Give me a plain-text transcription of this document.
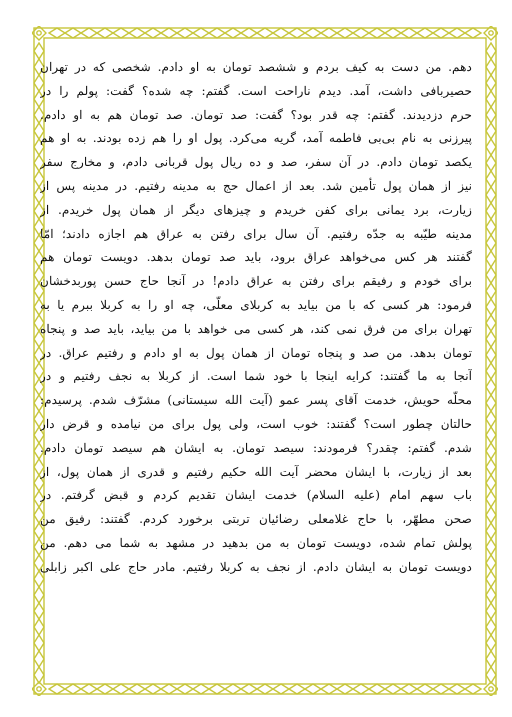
دهم. من دست به کیف بردم و ششصد تومان به او دادم. شخصی که در تهران
حصیربافی داشت، آمد. دیدم ناراحت است. گفتم: چه شده؟ گفت: پولم را در
حرم دزدیدند. گفتم: چه قدر بود؟ گفت: صد تومان. صد تومان هم به او دادم.
پیرزنی به نام بی‌بی فاطمه آمد، گریه می‌کرد. پول او را هم زده بودند. به او هم
یکصد تومان دادم. در آن سفر، صد و ده ریال پول قربانی دادم، و مخارج سفر
نیز از همان پول تأمین شد. بعد از اعمال حج به مدینه رفتیم. در مدینه پس از
زیارت، برد یمانی برای کفن خریدم و چیزهای دیگر از همان پول خریدم. از
مدینه طیّبه به جدّه رفتیم. آن سال برای رفتن به عراق هم اجازه دادند؛ امّا
گفتند هر کس می‌خواهد عراق برود، باید صد تومان بدهد. دویست تومان هم
برای خودم و رفیقم برای رفتن به عراق دادم! در آنجا حاج حسن پوربدخشان
فرمود: هر کسی که با من بیاید به کربلای معلّی، چه او را به کربلا ببرم یا به
تهران برای من فرق نمی کند، هر کسی می خواهد با من بیاید، باید صد و پنجاه
تومان بدهد. من صد و پنجاه تومان از همان پول به او دادم و رفتیم عراق. در
آنجا به ما گفتند: کرایه اینجا با خود شما است. از کربلا به نجف رفتیم و در
محلّه حویش، خدمت آقای پسر عمو (آیت الله سیستانی) مشرّف شدم. پرسیدم:
حالتان چطور است؟ گفتند: خوب است، ولی پول برای من نیامده و قرض دار
شدم. گفتم: چقدر؟ فرمودند: سیصد تومان. به ایشان هم سیصد تومان دادم.
بعد از زیارت، با ایشان محضر آیت الله حکیم رفتیم و قدری از همان پول، از
باب سهم امام (علیه السلام) خدمت ایشان تقدیم کردم و قبض گرفتم. در
صحن مطهّر، با حاج غلامعلی رضائیان تربتی برخورد کردم. گفتند: رفیق من
پولش تمام شده، دویست تومان به من بدهید در مشهد به شما می دهم. من
دویست تومان به ایشان دادم. از نجف به کربلا رفتیم. مادر حاج علی اکبر زابلی
